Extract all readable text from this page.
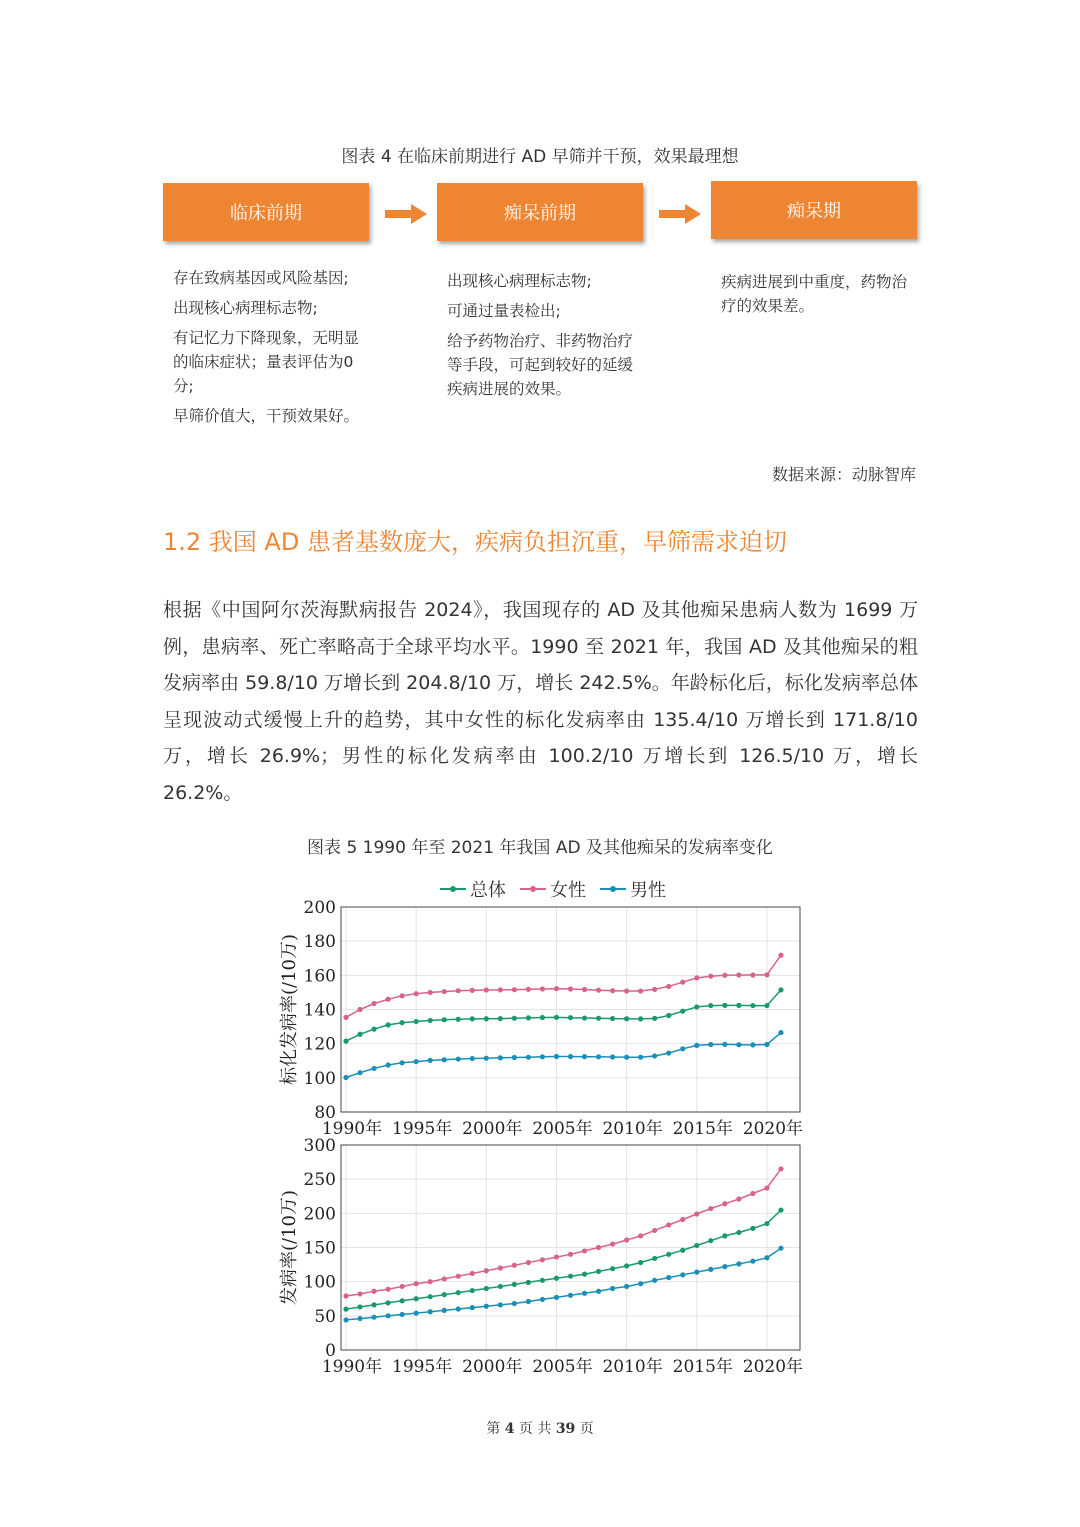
图表 4 在临床前期进行 AD 早筛并干预，效果最理想
临床前期	痴呆前期	痴呆期

存在致病基因或风险基因;

出现核心病理标志物;

有记忆力下降现象，无明显的临床症状；量表评估为0分;

早筛价值大，干预效果好。

出现核心病理标志物;

可通过量表检出;

给予药物治疗、非药物治疗等手段，可起到较好的延缓疾病进展的效果。

疾病进展到中重度，药物治疗的效果差。

数据来源：动脉智库
1.2 我国 AD 患者基数庞大，疾病负担沉重，早筛需求迫切
根据《中国阿尔茨海默病报告 2024》，我国现存的 AD 及其他痴呆患病人数为 1699 万例，患病率、死亡率略高于全球平均水平。1990 至 2021 年，我国 AD 及其他痴呆的粗发病率由 59.8/10 万增长到 204.8/10 万，增长 242.5%。年龄标化后，标化发病率总体呈现波动式缓慢上升的趋势，其中女性的标化发病率由 135.4/10 万增长到 171.8/10 万，增长 26.9%；男性的标化发病率由 100.2/10 万增长到 126.5/10 万，增长 26.2%。
图表 5 1990 年至 2021 年我国 AD 及其他痴呆的发病率变化
总体 女性 男性
80
100
120
140
160
180
200
1990年 1995年 2000年 2005年 2010年 2015年 2020年
标化发病率(/10万)
0
50
100
150
200
250
300
1990年 1995年 2000年 2005年 2010年 2015年 2020年
发病率(/10万)
第 4 页 共 39 页
